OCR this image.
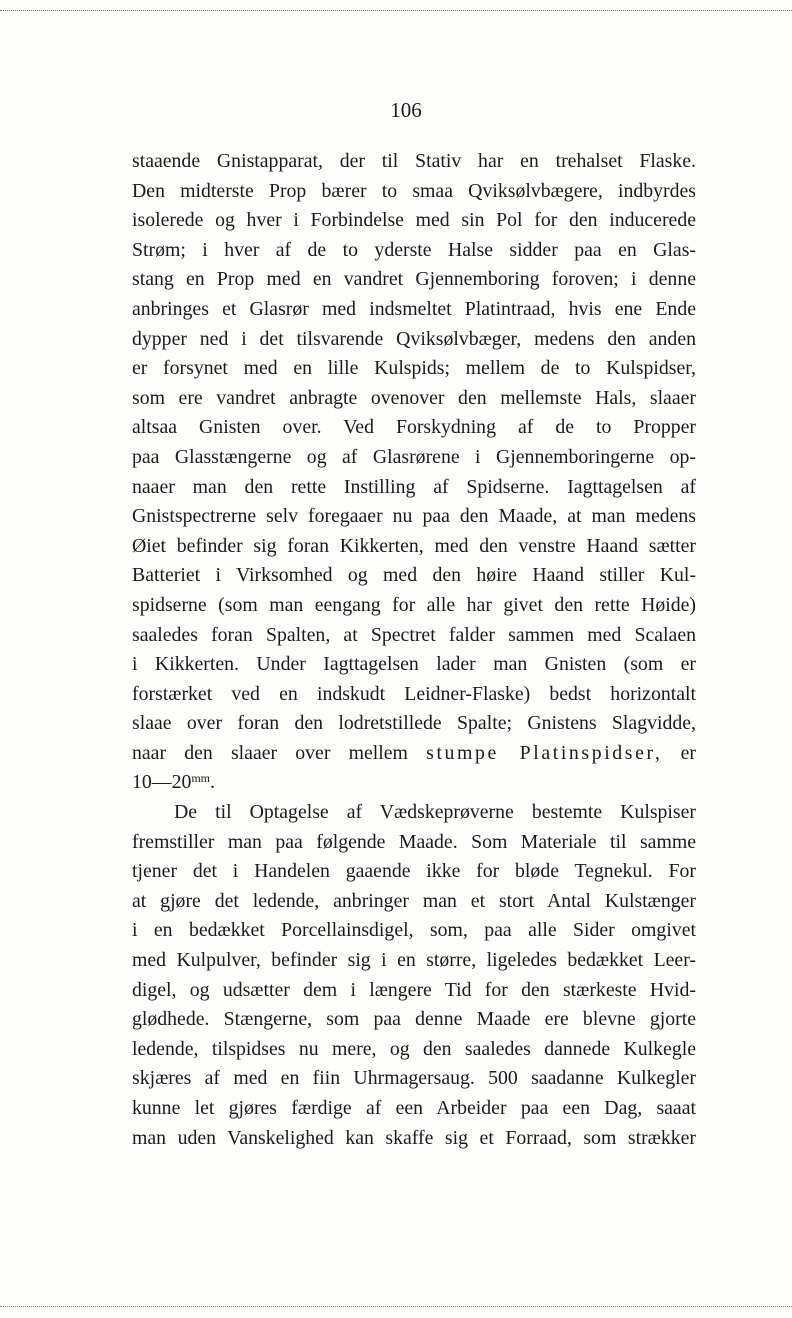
106
staaende Gnistapparat, der til Stativ har en trehalset Flaske.
Den midterste Prop bærer to smaa Qviksølvbægere, indbyrdes
isolerede og hver i Forbindelse med sin Pol for den inducerede
Strøm; i hver af de to yderste Halse sidder paa en Glas-
stang en Prop med en vandret Gjennemboring foroven; i denne
anbringes et Glasrør med indsmeltet Platintraad, hvis ene Ende
dypper ned i det tilsvarende Qviksølvbæger, medens den anden
er forsynet med en lille Kulspids; mellem de to Kulspidser,
som ere vandret anbragte ovenover den mellemste Hals, slaaer
altsaa Gnisten over. Ved Forskydning af de to Propper
paa Glasstængerne og af Glasrørene i Gjennemboringerne op-
naaer man den rette Instilling af Spidserne. Iagttagelsen af
Gnistspectrerne selv foregaaer nu paa den Maade, at man medens
Øiet befinder sig foran Kikkerten, med den venstre Haand sætter
Batteriet i Virksomhed og med den høire Haand stiller Kul-
spidserne (som man eengang for alle har givet den rette Høide)
saaledes foran Spalten, at Spectret falder sammen med Scalaen
i Kikkerten. Under Iagttagelsen lader man Gnisten (som er
forstærket ved en indskudt Leidner-Flaske) bedst horizontalt
slaae over foran den lodretstillede Spalte; Gnistens Slagvidde,
naar den slaaer over mellem stumpe Platinspidser, er
$10—20^{mm}$.
De til Optagelse af Vædskeprøverne bestemte Kulspiser
fremstiller man paa følgende Maade. Som Materiale til samme
tjener det i Handelen gaaende ikke for bløde Tegnekul. For
at gjøre det ledende, anbringer man et stort Antal Kulstænger
i en bedækket Porcellainsdigel, som, paa alle Sider omgivet
med Kulpulver, befinder sig i en større, ligeledes bedækket Leer-
digel, og udsætter dem i længere Tid for den stærkeste Hvid-
glødhede. Stængerne, som paa denne Maade ere blevne gjorte
ledende, tilspidses nu mere, og den saaledes dannede Kulkegle
skjæres af med en fiin Uhrmagersaug. 500 saadanne Kulkegler
kunne let gjøres færdige af een Arbeider paa een Dag, saaat
man uden Vanskelighed kan skaffe sig et Forraad, som strækker
